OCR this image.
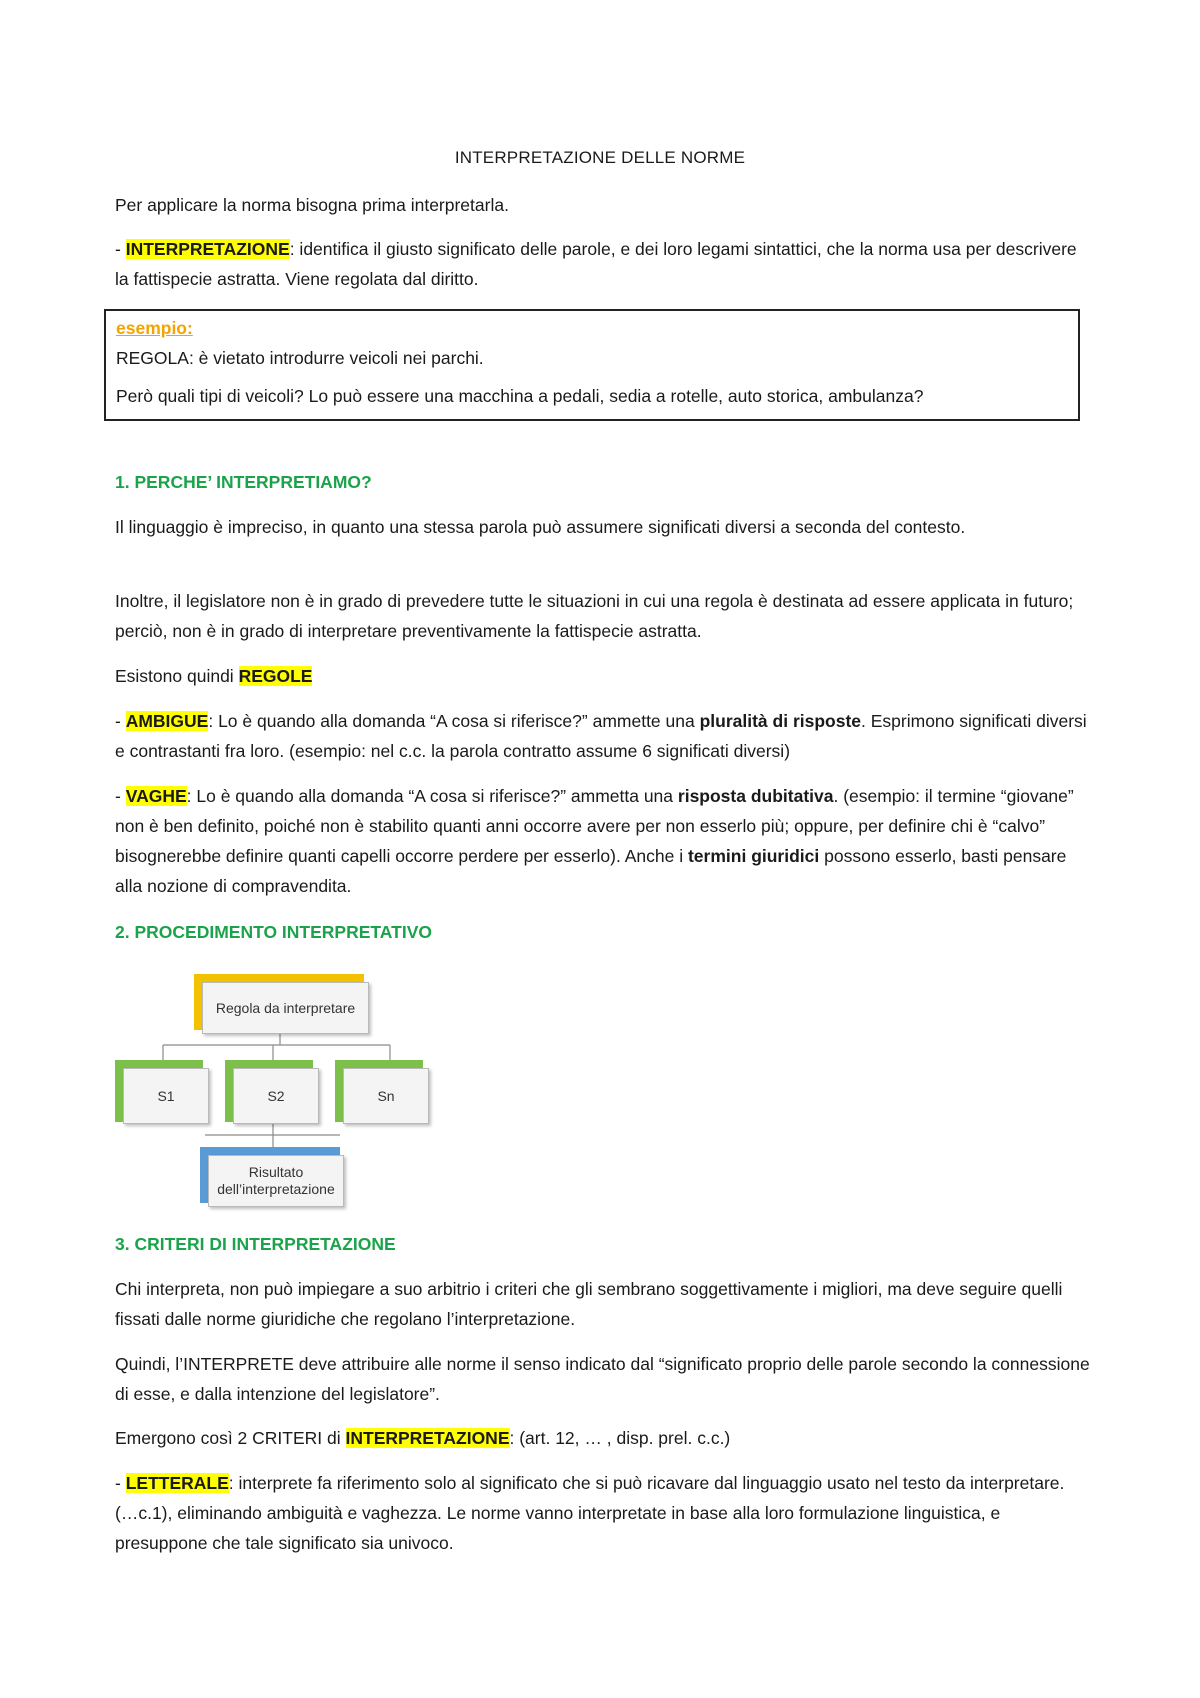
INTERPRETAZIONE DELLE NORME
Per applicare la norma bisogna prima interpretarla.
- INTERPRETAZIONE: identifica il giusto significato delle parole, e dei loro legami sintattici, che la norma usa per descrivere la fattispecie astratta. Viene regolata dal diritto.
esempio:
REGOLA: è vietato introdurre veicoli nei parchi.
Però quali tipi di veicoli? Lo può essere una macchina a pedali, sedia a rotelle, auto storica, ambulanza?
1. PERCHE’ INTERPRETIAMO?
Il linguaggio è impreciso, in quanto una stessa parola può assumere significati diversi a seconda del contesto.
Inoltre, il legislatore non è in grado di prevedere tutte le situazioni in cui una regola è destinata ad essere applicata in futuro; perciò, non è in grado di interpretare preventivamente la fattispecie astratta.
Esistono quindi REGOLE
- AMBIGUE: Lo è quando alla domanda “A cosa si riferisce?” ammette una pluralità di risposte. Esprimono significati diversi e contrastanti fra loro. (esempio: nel c.c. la parola contratto assume 6 significati diversi)
- VAGHE: Lo è quando alla domanda “A cosa si riferisce?” ammetta una risposta dubitativa. (esempio: il termine “giovane” non è ben definito, poiché non è stabilito quanti anni occorre avere per non esserlo più; oppure, per definire chi è “calvo” bisognerebbe definire quanti capelli occorre perdere per esserlo). Anche i termini giuridici possono esserlo, basti pensare alla nozione di compravendita.
2. PROCEDIMENTO INTERPRETATIVO
Regola da interpretare
S1	S2	Sn
Risultato dell’interpretazione
3. CRITERI DI INTERPRETAZIONE
Chi interpreta, non può impiegare a suo arbitrio i criteri che gli sembrano soggettivamente i migliori, ma deve seguire quelli fissati dalle norme giuridiche che regolano l’interpretazione.
Quindi, l’INTERPRETE deve attribuire alle norme il senso indicato dal “significato proprio delle parole secondo la connessione di esse, e dalla intenzione del legislatore”.
Emergono così 2 CRITERI di INTERPRETAZIONE: (art. 12, … , disp. prel. c.c.)
- LETTERALE: interprete fa riferimento solo al significato che si può ricavare dal linguaggio usato nel testo da interpretare. (…c.1), eliminando ambiguità e vaghezza. Le norme vanno interpretate in base alla loro formulazione linguistica, e presuppone che tale significato sia univoco.
